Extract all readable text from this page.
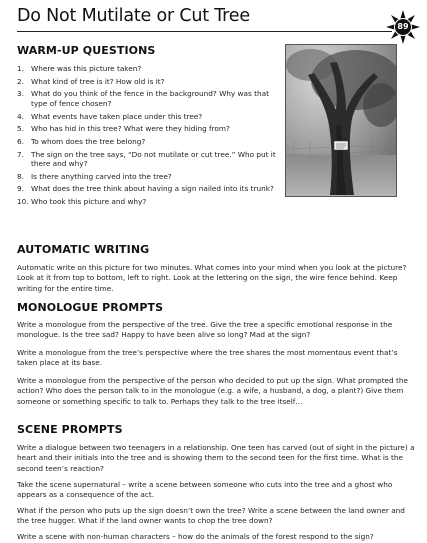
Do Not Mutilate or Cut Tree
89
WARM-UP QUESTIONS
1. Where was this picture taken?
2. What kind of tree is it? How old is it?
3. What do you think of the fence in the background? Why was that type of fence chosen?
4. What events have taken place under this tree?
5. Who has hid in this tree? What were they hiding from?
6. To whom does the tree belong?
7. The sign on the tree says, “Do not mutilate or cut tree.” Who put it there and why?
8. Is there anything carved into the tree?
9. What does the tree think about having a sign nailed into its trunk?
10. Who took this picture and why?
AUTOMATIC WRITING

Automatic write on this picture for two minutes. What comes into your mind when you look at the picture? Look at it from top to bottom, left to right. Look at the lettering on the sign, the wire fence behind. Keep writing for the entire time.

MONOLOGUE PROMPTS

Write a monologue from the perspective of the tree. Give the tree a specific emotional response in the monologue. Is the tree sad? Happy to have been alive so long? Mad at the sign?

Write a monologue from the tree’s perspective where the tree shares the most momentous event that’s taken place at its base.

Write a monologue from the perspective of the person who decided to put up the sign. What prompted the action? Who does the person talk to in the monologue (e.g. a wife, a husband, a dog, a plant?) Give them someone or something specific to talk to. Perhaps they talk to the tree itself…

SCENE PROMPTS

Write a dialogue between two teenagers in a relationship. One teen has carved (out of sight in the picture) a heart and their initials into the tree and is showing them to the second teen for the first time. What is the second teen’s reaction?

Take the scene supernatural – write a scene between someone who cuts into the tree and a ghost who appears as a consequence of the act.

What if the person who puts up the sign doesn’t own the tree? Write a scene between the land owner and the tree hugger. What if the land owner wants to chop the tree down?

Write a scene with non-human characters – how do the animals of the forest respond to the sign?
